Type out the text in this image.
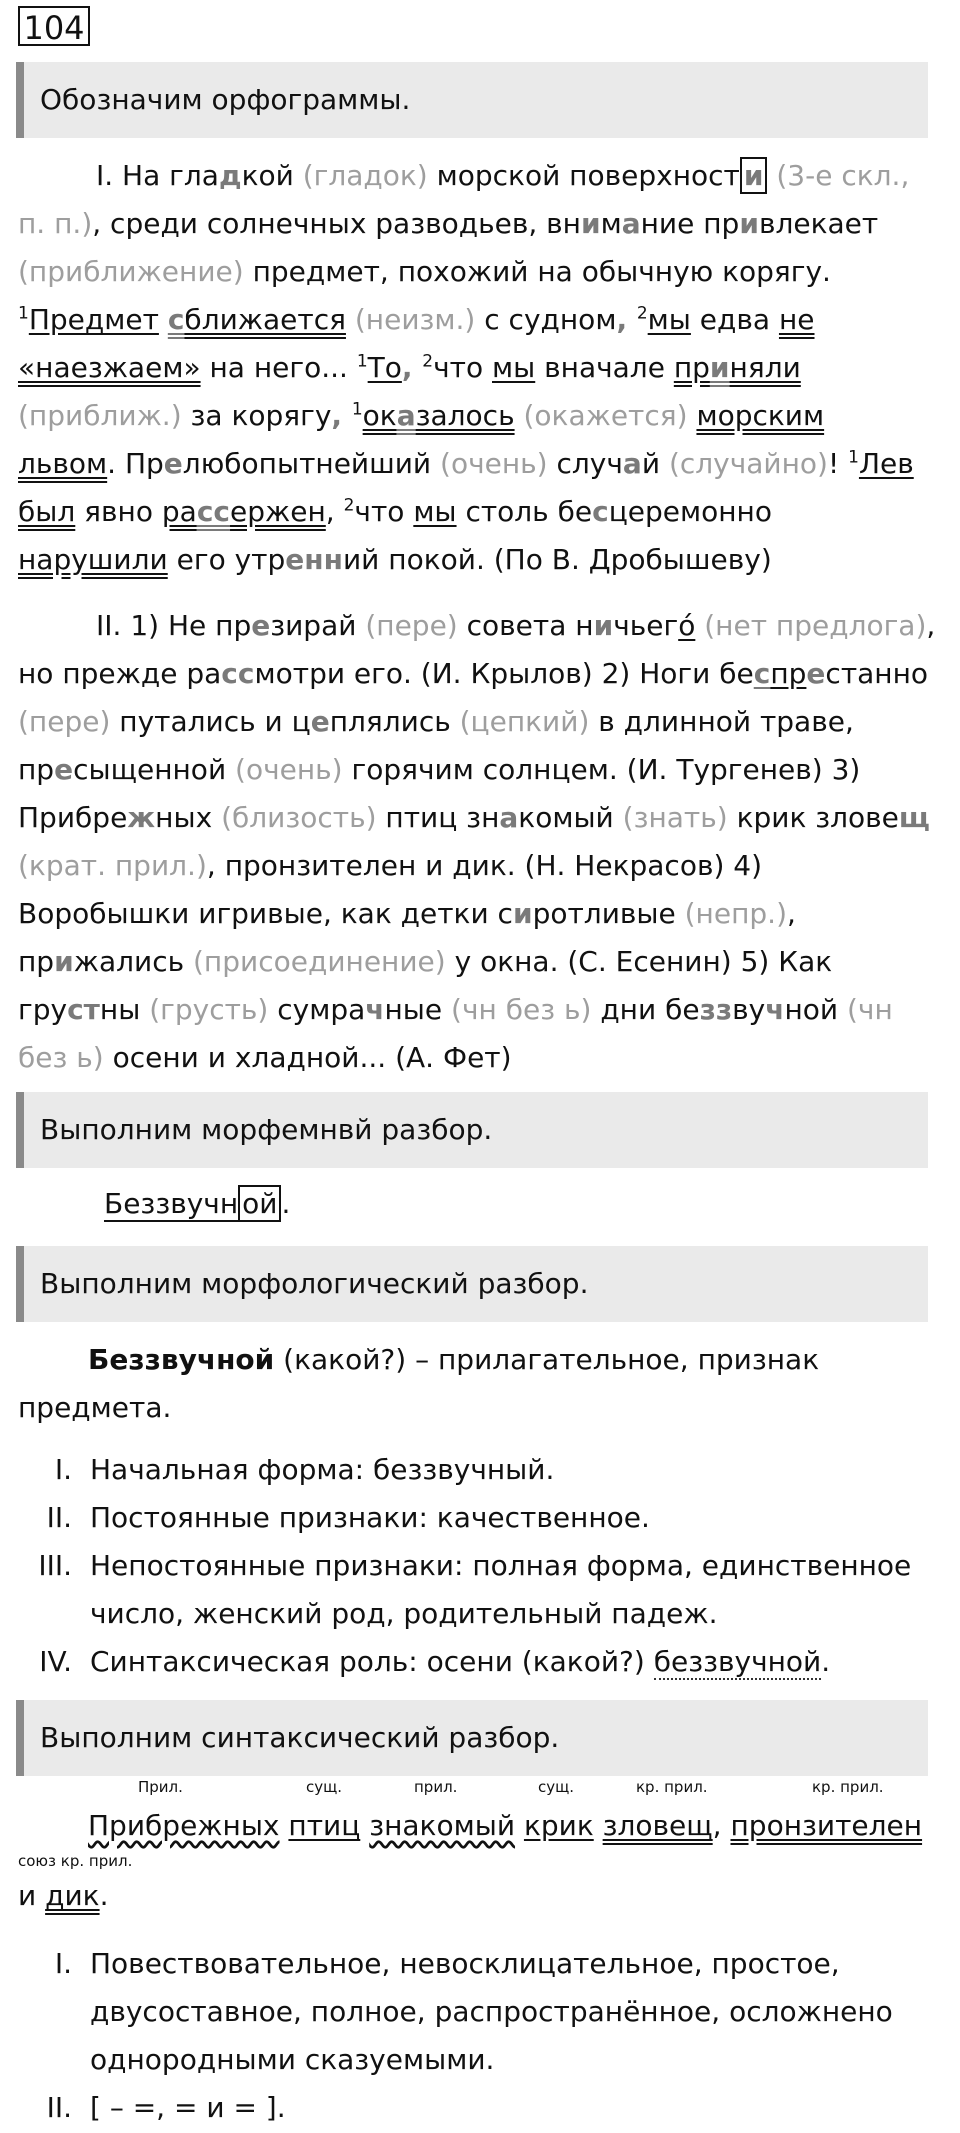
104
Обозначим орфограммы.
I. На гладкой (гладок) морской поверхност и (3-е скл.,
п. п.), среди солнечных разводьев, внимание привлекает
(приближение) предмет, похожий на обычную корягу.
$^1$Предмет сближается (неизм.) с судном, $^2$мы едва не
«наезжаем» на него... $^1$То, $^2$что мы вначале приняли
(приближ.) за корягу, $^1$оказалось (окажется) морским
львом. Прелюбопытнейший (очень) случай (случайно)! $^1$Лев
был явно рассержен, $^2$что мы столь бесцеремонно
нарушили его утренний покой. (По В. Дробышеву)
II. 1) Не презирай (пере) совета ничьего́ (нет предлога),
но прежде рассмотри его. (И. Крылов) 2) Ноги беспрестанно
(пере) путались и цеплялись (цепкий) в длинной траве,
пресыщенной (очень) горячим солнцем. (И. Тургенев) 3)
Прибрежных (близость) птиц знакомый (знать) крик зловещ
(крат. прил.), пронзителен и дик. (Н. Некрасов) 4)
Воробышки игривые, как детки сиротливые (непр.),
прижались (присоединение) у окна. (С. Есенин) 5) Как
грустны (грусть) сумрачные (чн без ь) дни беззвучной (чн
без ь) осени и хладной... (А. Фет)
Выполним морфемнвй разбор.
Беззвучн ой .
Выполним морфологический разбор.
Беззвучной (какой?) – прилагательное, признак
предмета.
I. Начальная форма: беззвучный.
II. Постоянные признаки: качественное.
III. Непостоянные признаки: полная форма, единственное число, женский род, родительный падеж.
IV. Синтаксическая роль: осени (какой?) беззвучной.
Выполним синтаксический разбор.
Прил.	сущ.	прил.	сущ.	кр. прил.	кр. прил.
Прибрежных птиц знакомый крик зловещ, пронзителен
союз кр. прил.
и дик.
I. Повествовательное, невосклицательное, простое, двусоставное, полное, распространённое, осложнено однородными сказуемыми.
II. [ – =, = и = ].
